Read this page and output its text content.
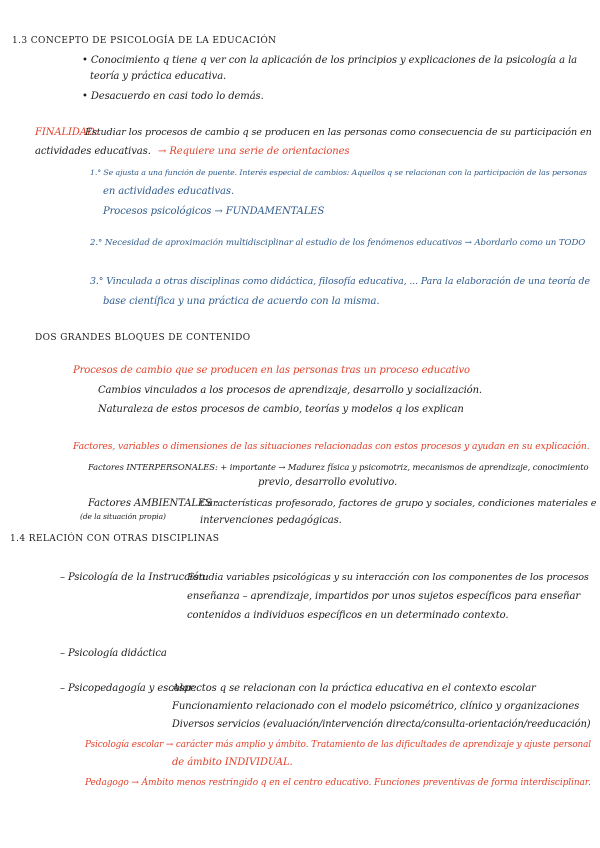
1.3 CONCEPTO DE PSICOLOGÍA DE LA EDUCACIÓN
• Conocimiento q tiene q ver con la aplicación de los principios y explicaciones de la psicología a la
teoría y práctica educativa.
• Desacuerdo en casi todo lo demás.
FINALIDAD:
Estudiar los procesos de cambio q se producen en las personas como consecuencia de su participación en
actividades educativas. → Requiere una serie de orientaciones
1.° Se ajusta a una función de puente. Interés especial de cambios: Aquellos q se relacionan con la participación de las personas
en actividades educativas.
Procesos psicológicos → FUNDAMENTALES
2.° Necesidad de aproximación multidisciplinar al estudio de los fenómenos educativos → Abordarlo como un TODO
3.° Vinculada a otras disciplinas como didáctica, filosofía educativa, ... Para la elaboración de una teoría de
base científica y una práctica de acuerdo con la misma.
DOS GRANDES BLOQUES DE CONTENIDO
Procesos de cambio que se producen en las personas tras un proceso educativo
Cambios vinculados a los procesos de aprendizaje, desarrollo y socialización.
Naturaleza de estos procesos de cambio, teorías y modelos q los explican
Factores, variables o dimensiones de las situaciones relacionadas con estos procesos y ayudan en su explicación.
Factores INTERPERSONALES: + importante → Madurez física y psicomotriz, mecanismos de aprendizaje, conocimiento
previo, desarrollo evolutivo.
Factores AMBIENTALES :
(de la situación propia)
Características profesorado, factores de grupo y sociales, condiciones materiales e
intervenciones pedagógicas.
1.4 RELACIÓN CON OTRAS DISCIPLINAS
– Psicología de la Instrucción:
Estudia variables psicológicas y su interacción con los componentes de los procesos
enseñanza – aprendizaje, impartidos por unos sujetos específicos para enseñar
contenidos a individuos específicos en un determinado contexto.
– Psicología didáctica
– Psicopedagogía y escolar:
Aspectos q se relacionan con la práctica educativa en el contexto escolar
Funcionamiento relacionado con el modelo psicométrico, clínico y organizaciones
Diversos servicios (evaluación/intervención directa/consulta-orientación/reeducación)
Psicología escolar → carácter más amplio y ámbito. Tratamiento de las dificultades de aprendizaje y ajuste personal
de ámbito INDIVIDUAL.
Pedagogo → Ámbito menos restringido q en el centro educativo. Funciones preventivas de forma interdisciplinar.
